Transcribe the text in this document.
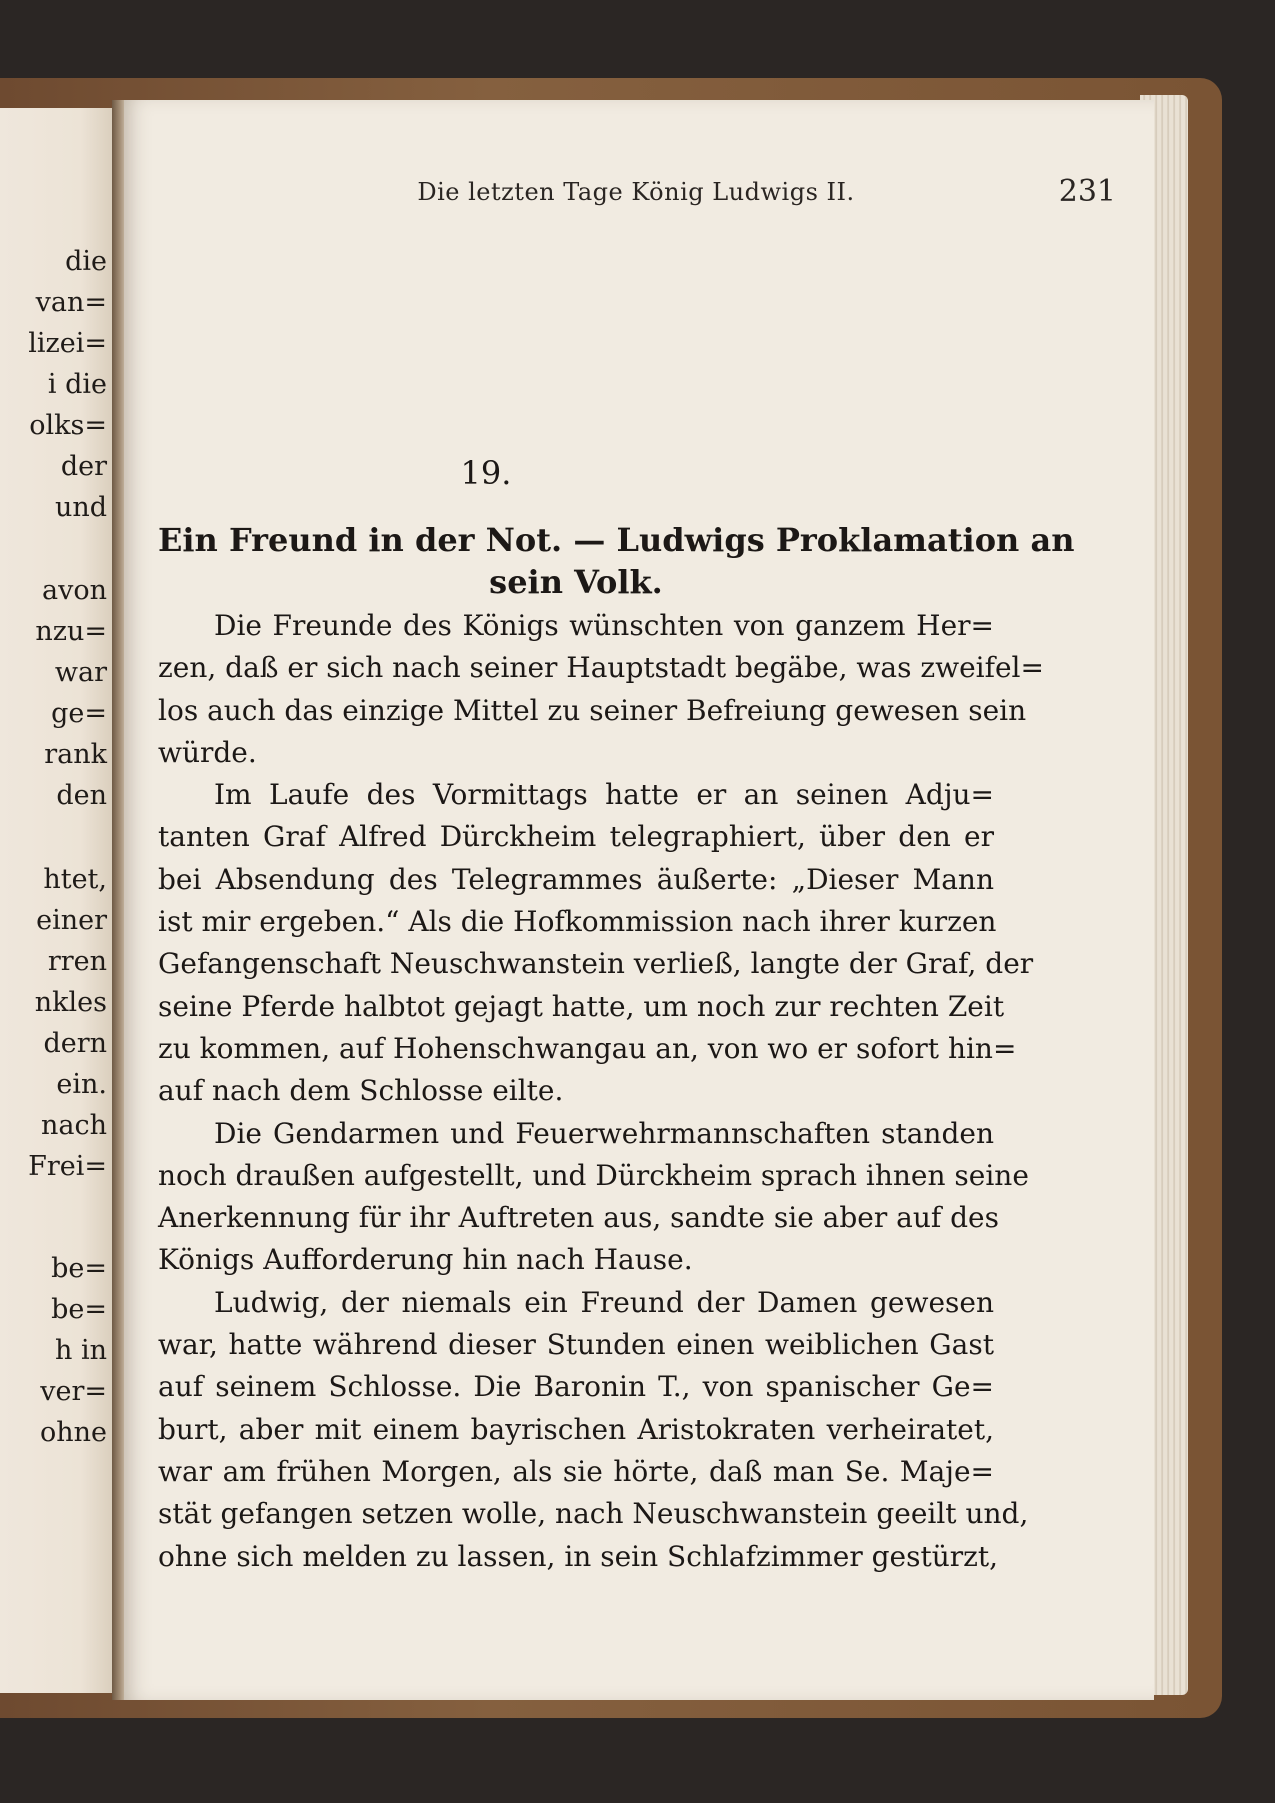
die
van=
lizei=
i die
olks=
der
und
avon
nzu=
war
ge=
rank
den
htet,
einer
rren
nkles
dern
ein.
nach
Frei=
be=
be=
h in
ver=
ohne
Die letzten Tage König Ludwigs II.	231
19.
Ein Freund in der Not. — Ludwigs Proklamation an
sein Volk.
Die Freunde des Königs wünschten von ganzem Her=
zen, daß er sich nach seiner Hauptstadt begäbe, was zweifel=
los auch das einzige Mittel zu seiner Befreiung gewesen sein
würde.
Im Laufe des Vormittags hatte er an seinen Adju=
tanten Graf Alfred Dürckheim telegraphiert, über den er
bei Absendung des Telegrammes äußerte: „Dieser Mann
ist mir ergeben.“ Als die Hofkommission nach ihrer kurzen
Gefangenschaft Neuschwanstein verließ, langte der Graf, der
seine Pferde halbtot gejagt hatte, um noch zur rechten Zeit
zu kommen, auf Hohenschwangau an, von wo er sofort hin=
auf nach dem Schlosse eilte.
Die Gendarmen und Feuerwehrmannschaften standen
noch draußen aufgestellt, und Dürckheim sprach ihnen seine
Anerkennung für ihr Auftreten aus, sandte sie aber auf des
Königs Aufforderung hin nach Hause.
Ludwig, der niemals ein Freund der Damen gewesen
war, hatte während dieser Stunden einen weiblichen Gast
auf seinem Schlosse. Die Baronin T., von spanischer Ge=
burt, aber mit einem bayrischen Aristokraten verheiratet,
war am frühen Morgen, als sie hörte, daß man Se. Maje=
stät gefangen setzen wolle, nach Neuschwanstein geeilt und,
ohne sich melden zu lassen, in sein Schlafzimmer gestürzt,
